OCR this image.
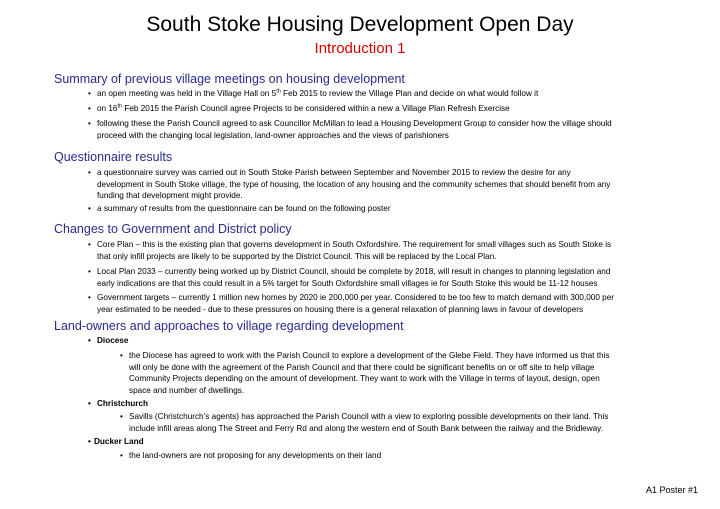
South Stoke Housing Development Open Day
Introduction 1
Summary of previous village meetings on housing development
• an open meeting was held in the Village Hall on 5th Feb 2015 to review the Village Plan and decide on what would follow it
• on 16th Feb 2015 the Parish Council agree Projects to be considered within a new a Village Plan Refresh Exercise
• following these the Parish Council agreed to ask Councillor McMillan to lead a Housing Development Group to consider how the village should
proceed with the changing local legislation, land-owner approaches and the views of parishioners
Questionnaire results
• a questionnaire survey was carried out in South Stoke Parish between September and November 2015 to review the desire for any
development in South Stoke village, the type of housing, the location of any housing and the community schemes that should benefit from any
funding that development might provide.
• a summary of results from the questionnaire can be found on the following poster
Changes to Government and District policy
• Core Plan – this is the existing plan that governs development in South Oxfordshire. The requirement for small villages such as South Stoke is
that only infill projects are likely to be supported by the District Council. This will be replaced by the Local Plan.
• Local Plan 2033 – currently being worked up by District Council, should be complete by 2018, will result in changes to planning legislation and
early indications are that this could result in a 5% target for South Oxfordshire small villages ie for South Stoke this would be 11-12 houses
• Government targets – currently 1 million new homes by 2020 ie 200,000 per year. Considered to be too few to match demand with 300,000 per
year estimated to be needed - due to these pressures on housing there is a general relaxation of planning laws in favour of developers
Land-owners and approaches to village regarding development
• Diocese
• the Diocese has agreed to work with the Parish Council to explore a development of the Glebe Field. They have informed us that this
will only be done with the agreement of the Parish Council and that there could be significant benefits on or off site to help village
Community Projects depending on the amount of development. They want to work with the Village in terms of layout, design, open
space and number of dwellings.
• Christchurch
• Savills (Christchurch’s agents) has approached the Parish Council with a view to exploring possible developments on their land. This
include infill areas along The Street and Ferry Rd and along the western end of South Bank between the railway and the Bridleway.
• Ducker Land
• the land-owners are not proposing for any developments on their land
A1 Poster #1
